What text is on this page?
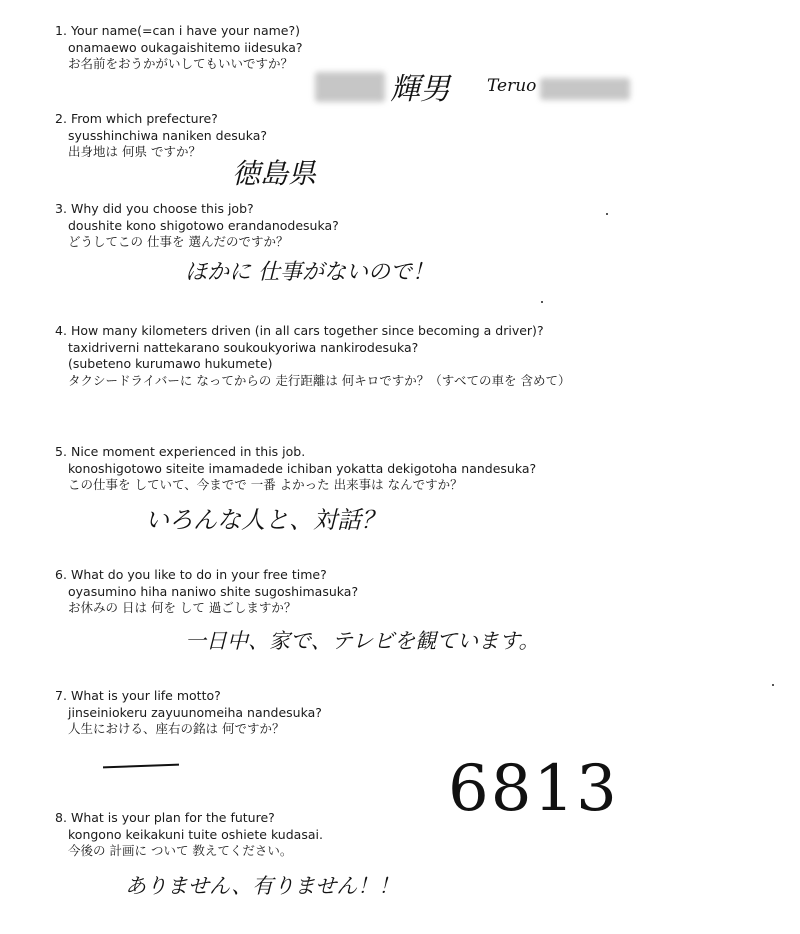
1. Your name(=can i have your name?)
onamaewo oukagaishitemo iidesuka?
お名前をおうかがいしてもいいですか？
輝男 Teruo
2. From which prefecture?
syusshinchiwa naniken desuka?
出身地は 何県 ですか？
徳島県
3. Why did you choose this job?
doushite kono shigotowo erandanodesuka?
どうしてこの 仕事を 選んだのですか？
ほかに 仕事がないので！
4. How many kilometers driven (in all cars together since becoming a driver)?
taxidriverni nattekarano soukoukyoriwa nankirodesuka?
(subeteno kurumawo hukumete)
タクシードライバーに なってからの 走行距離は 何キロですか？（すべての車を 含めて）
5. Nice moment experienced in this job.
konoshigotowo siteite imamadede ichiban yokatta dekigotoha nandesuka?
この仕事を していて、今までで 一番 よかった 出来事は なんですか？
いろんな人と、対話？
6. What do you like to do in your free time?
oyasumino hiha naniwo shite sugoshimasuka?
お休みの 日は 何を して 過ごしますか？
一日中、家で、テレビを観ています。
7. What is your life motto?
jinseiniokeru zayuunomeiha nandesuka?
人生における、座右の銘は 何ですか？
6813
8. What is your plan for the future?
kongono keikakuni tuite oshiete kudasai.
今後の 計画に ついて 教えてください。
ありません、有りません！！
